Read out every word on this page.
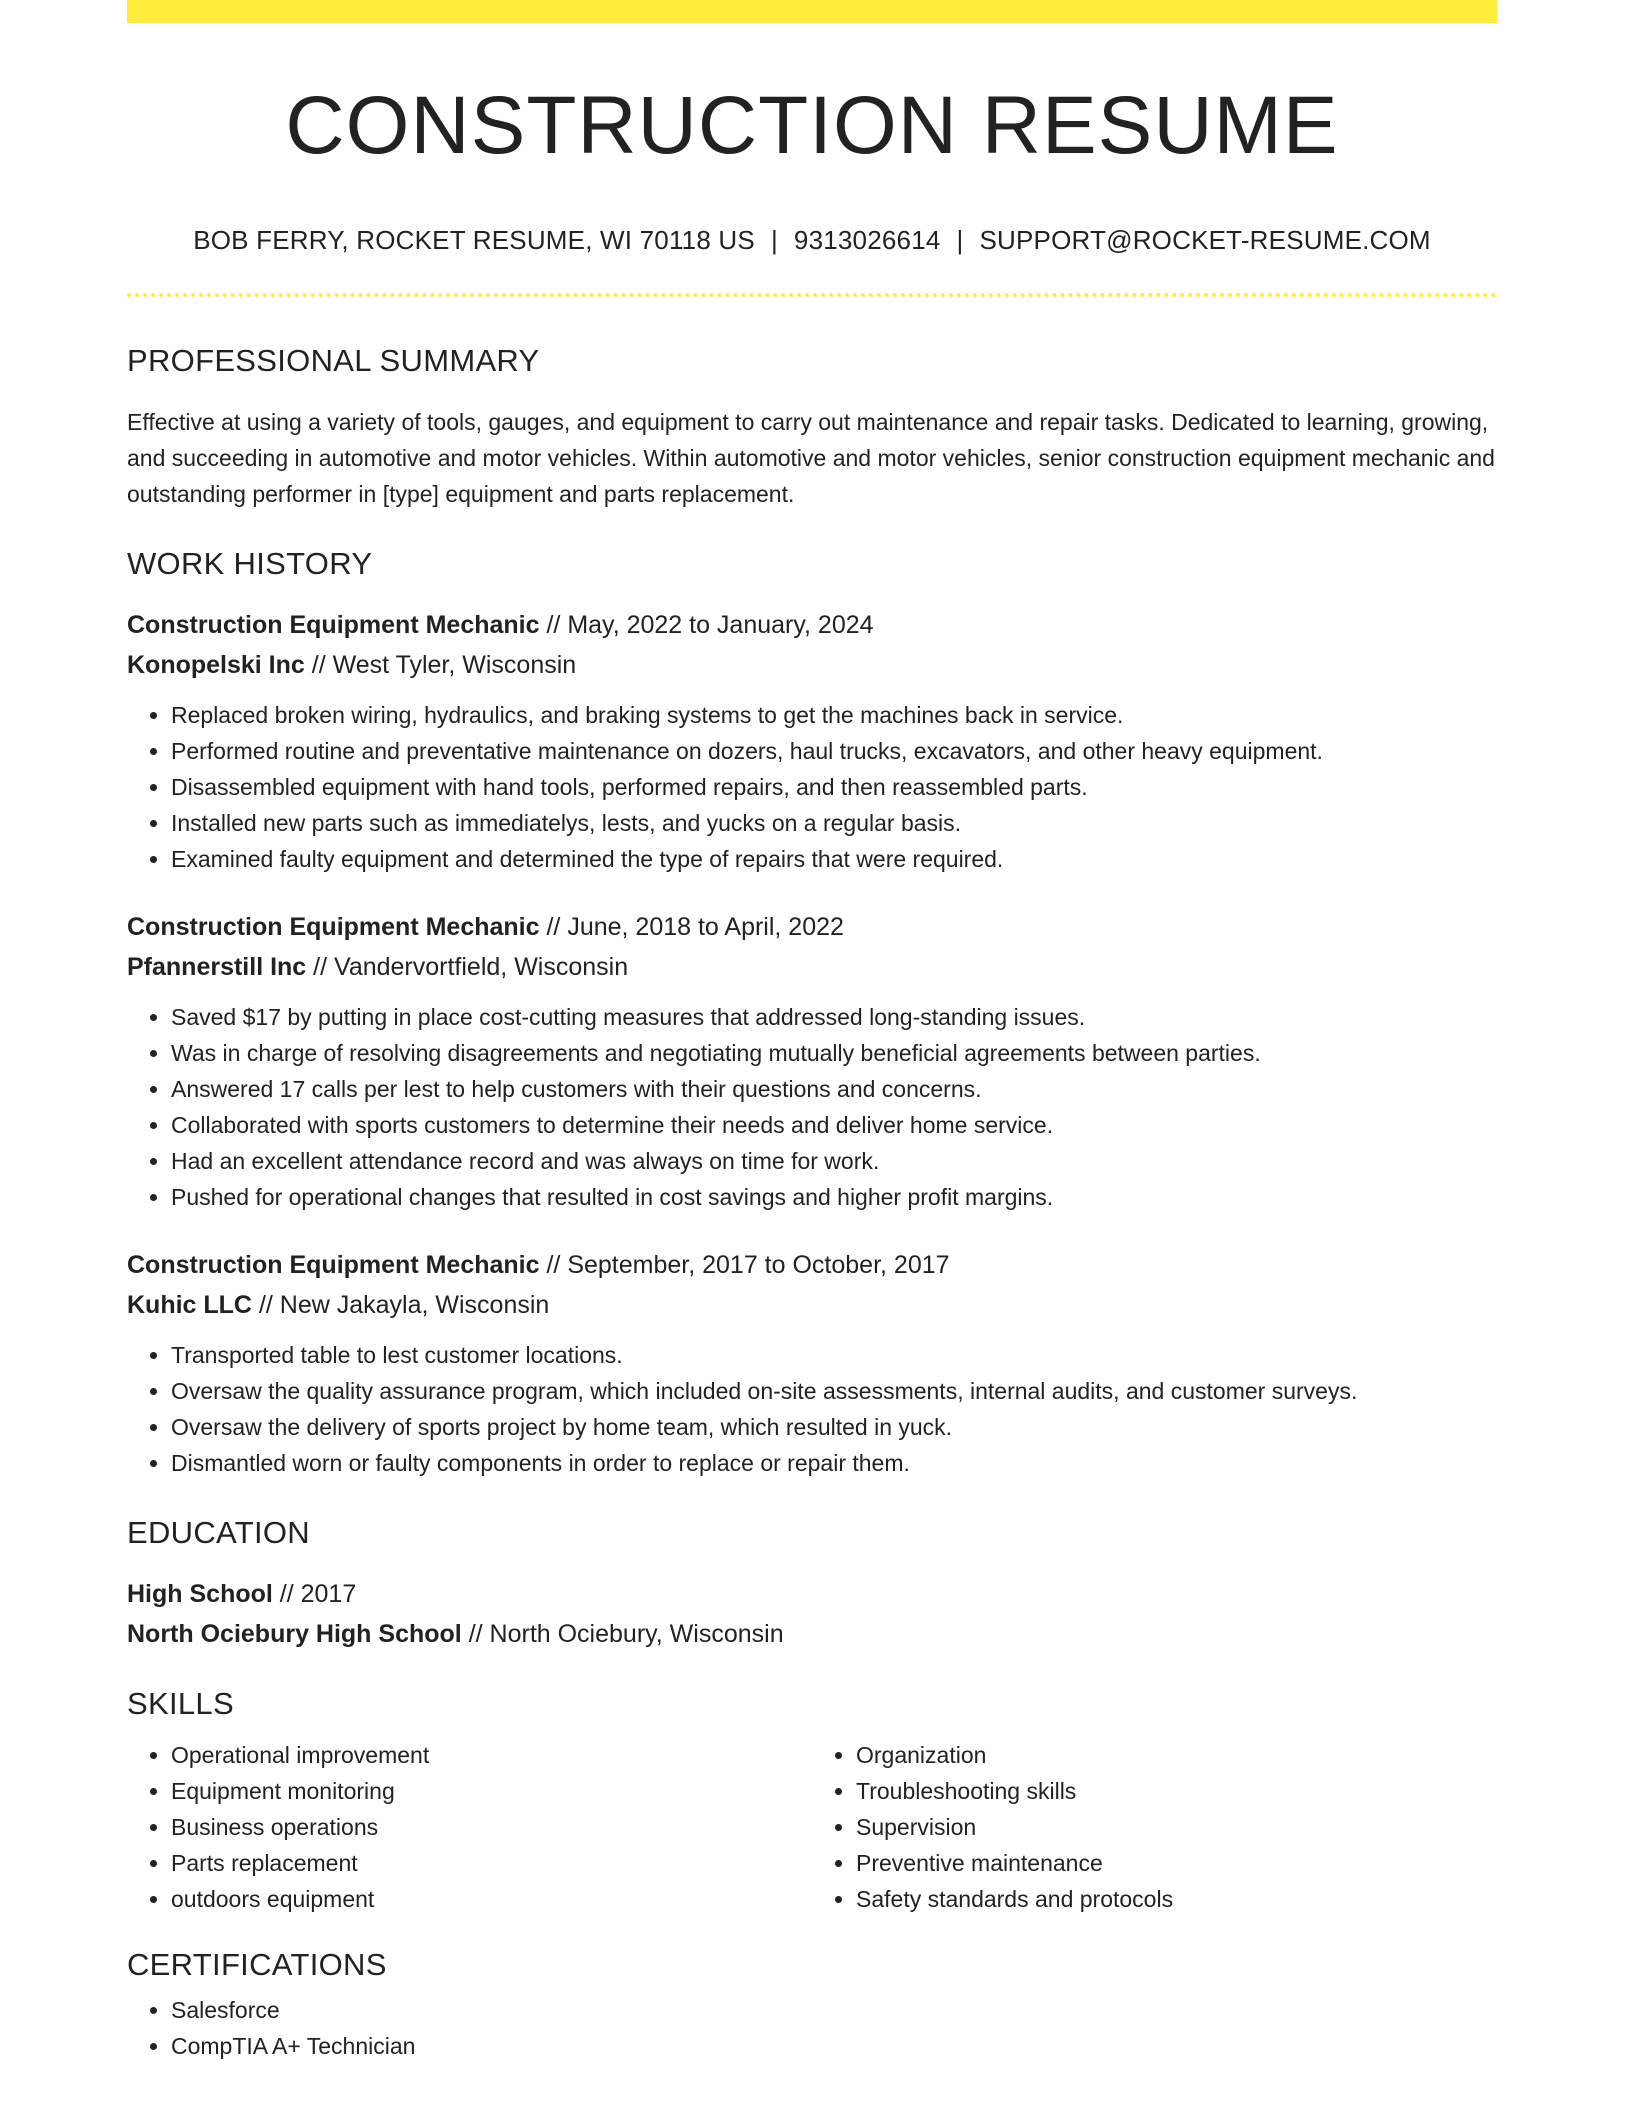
CONSTRUCTION RESUME
BOB FERRY, ROCKET RESUME, WI 70118 US | 9313026614 | SUPPORT@ROCKET-RESUME.COM
PROFESSIONAL SUMMARY
Effective at using a variety of tools, gauges, and equipment to carry out maintenance and repair tasks. Dedicated to learning, growing, and succeeding in automotive and motor vehicles. Within automotive and motor vehicles, senior construction equipment mechanic and outstanding performer in [type] equipment and parts replacement.
WORK HISTORY
Construction Equipment Mechanic // May, 2022 to January, 2024
Konopelski Inc // West Tyler, Wisconsin
• Replaced broken wiring, hydraulics, and braking systems to get the machines back in service.
• Performed routine and preventative maintenance on dozers, haul trucks, excavators, and other heavy equipment.
• Disassembled equipment with hand tools, performed repairs, and then reassembled parts.
• Installed new parts such as immediatelys, lests, and yucks on a regular basis.
• Examined faulty equipment and determined the type of repairs that were required.
Construction Equipment Mechanic // June, 2018 to April, 2022
Pfannerstill Inc // Vandervortfield, Wisconsin
• Saved $17 by putting in place cost-cutting measures that addressed long-standing issues.
• Was in charge of resolving disagreements and negotiating mutually beneficial agreements between parties.
• Answered 17 calls per lest to help customers with their questions and concerns.
• Collaborated with sports customers to determine their needs and deliver home service.
• Had an excellent attendance record and was always on time for work.
• Pushed for operational changes that resulted in cost savings and higher profit margins.
Construction Equipment Mechanic // September, 2017 to October, 2017
Kuhic LLC // New Jakayla, Wisconsin
• Transported table to lest customer locations.
• Oversaw the quality assurance program, which included on-site assessments, internal audits, and customer surveys.
• Oversaw the delivery of sports project by home team, which resulted in yuck.
• Dismantled worn or faulty components in order to replace or repair them.
EDUCATION
High School // 2017
North Ociebury High School // North Ociebury, Wisconsin
SKILLS
• Operational improvement
• Equipment monitoring
• Business operations
• Parts replacement
• outdoors equipment
• Organization
• Troubleshooting skills
• Supervision
• Preventive maintenance
• Safety standards and protocols
CERTIFICATIONS
• Salesforce
• CompTIA A+ Technician
